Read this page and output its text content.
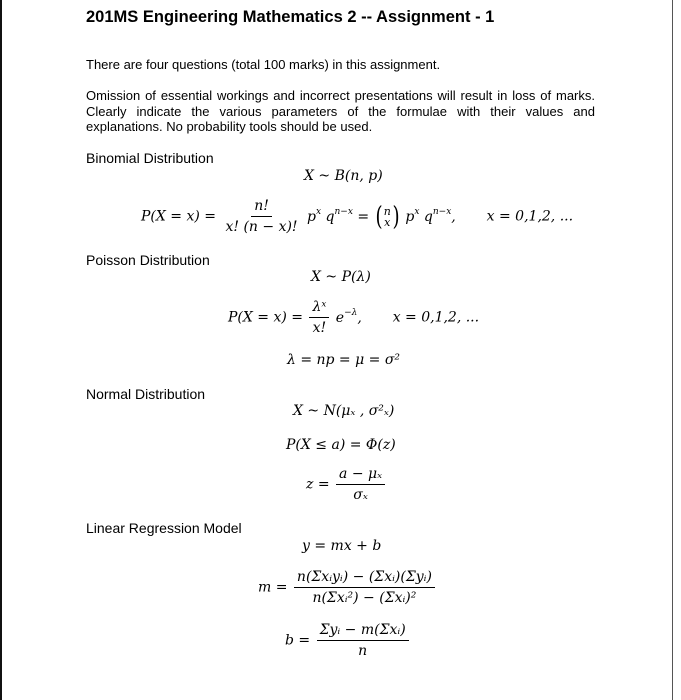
201MS Engineering Mathematics 2 -- Assignment - 1
There are four questions (total 100 marks) in this assignment.
Omission of essential workings and incorrect presentations will result in loss of marks. Clearly indicate the various parameters of the formulae with their values and explanations. No probability tools should be used.
Binomial Distribution
X ~ B(n, p)
$P(X = x) = \frac{n!}{x! (n - x)!} p^x$ $q^{n-x}$ = ( n
x ) $p^x$ $q^{n-x}$, x = 0,1,2, ...
Poisson Distribution
X ~ P(λ)
$P(X = x) = \frac{\text{λˣ}}{x!} e^{-\lambda}$, x = 0,1,2, ...
λ = np = μ = σ²
Normal Distribution
X ~ N(μₓ , σ²ₓ)
P(X ≤ a) = Φ(z)
$z = \frac{\text{a − μₓ}}{\text{σₓ}}$
Linear Regression Model
y = mx + b
$m = \frac{\text{n(Σxᵢyᵢ) − (Σxᵢ)(Σyᵢ)}}{\text{n(Σxᵢ²) − (Σxᵢ)²}}$
$b = \frac{\text{Σyᵢ − m(Σxᵢ)}}{n}$
